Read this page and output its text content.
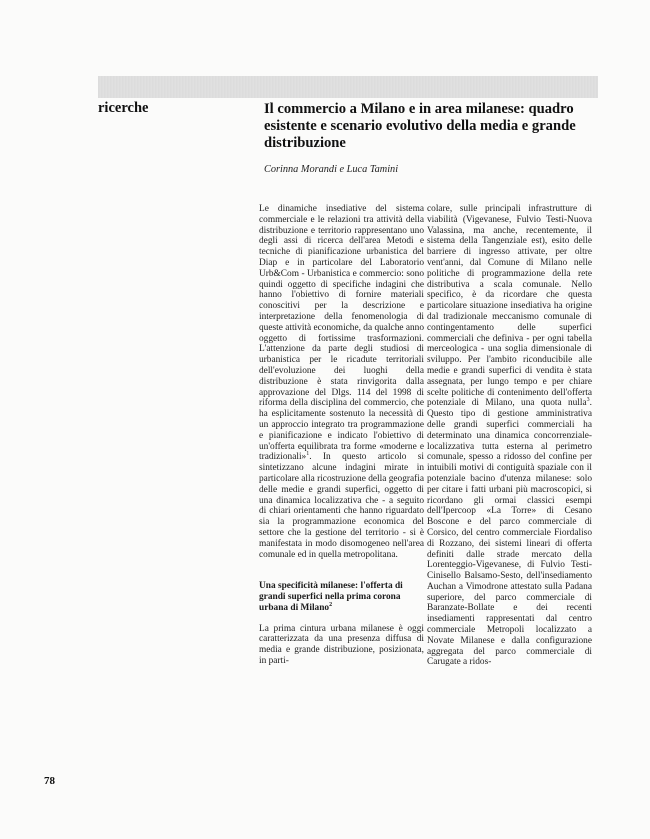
ricerche	Il commercio a Milano e in area milanese: quadro esistente e scenario evolutivo della media e grande distribuzione
Corinna Morandi e Luca Tamini

Le dinamiche insediative del sistema commerciale e le relazioni tra attività della distribuzione e territorio rappresentano uno degli assi di ricerca dell'area Metodi e tecniche di pianificazione urbanistica del Diap e in particolare del Laboratorio Urb&Com - Urbanistica e commercio: sono quindi oggetto di specifiche indagini che hanno l'obiettivo di fornire materiali conoscitivi per la descrizione e interpretazione della fenomenologia di queste attività economiche, da qualche anno oggetto di fortissime trasformazioni. L'attenzione da parte degli studiosi di urbanistica per le ricadute territoriali dell'evoluzione dei luoghi della distribuzione è stata rinvigorita dalla approvazione del Dlgs. 114 del 1998 di riforma della disciplina del commercio, che ha esplicitamente sostenuto la necessità di un approccio integrato tra programmazione e pianificazione e indicato l'obiettivo di un'offerta equilibrata tra forme «moderne e tradizionali»$^1$. In questo articolo si sintetizzano alcune indagini mirate in particolare alla ricostruzione della geografia delle medie e grandi superfici, oggetto di una dinamica localizzativa che - a seguito di chiari orientamenti che hanno riguardato sia la programmazione economica del settore che la gestione del territorio - si è manifestata in modo disomogeneo nell'area comunale ed in quella metropolitana.

Una specificità milanese: l'offerta di grandi superfici nella prima corona urbana di Milano$^2$

La prima cintura urbana milanese è oggi caratterizzata da una presenza diffusa di media e grande distribuzione, posizionata, in parti-

colare, sulle principali infrastrutture di viabilità (Vigevanese, Fulvio Testi-Nuova Valassina, ma anche, recentemente, il sistema della Tangenziale est), esito delle barriere di ingresso attivate, per oltre vent'anni, dal Comune di Milano nelle politiche di programmazione della rete distributiva a scala comunale. Nello specifico, è da ricordare che questa particolare situazione insediativa ha origine dal tradizionale meccanismo comunale di contingentamento delle superfici commerciali che definiva - per ogni tabella merceologica - una soglia dimensionale di sviluppo. Per l'ambito riconducibile alle medie e grandi superfici di vendita è stata assegnata, per lungo tempo e per chiare scelte politiche di contenimento dell'offerta potenziale di Milano, una quota nulla$^3$. Questo tipo di gestione amministrativa delle grandi superfici commerciali ha determinato una dinamica concorrenziale-localizzativa tutta esterna al perimetro comunale, spesso a ridosso del confine per intuibili motivi di contiguità spaziale con il potenziale bacino d'utenza milanese: solo per citare i fatti urbani più macroscopici, si ricordano gli ormai classici esempi dell'Ipercoop «La Torre» di Cesano Boscone e del parco commerciale di Corsico, del centro commerciale Fiordaliso di Rozzano, dei sistemi lineari di offerta definiti dalle strade mercato della Lorenteggio-Vigevanese, di Fulvio Testi-Cinisello Balsamo-Sesto, dell'insediamento Auchan a Vimodrone attestato sulla Padana superiore, del parco commerciale di Baranzate-Bollate e dei recenti insediamenti rappresentati dal centro commerciale Metropoli localizzato a Novate Milanese e dalla configurazione aggregata del parco commerciale di Carugate a ridos-

78
